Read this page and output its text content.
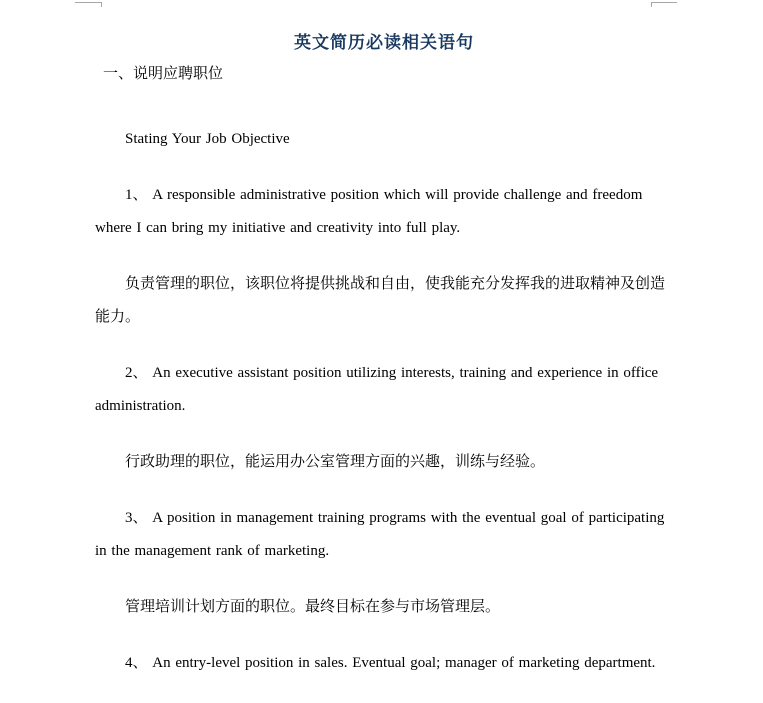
英文简历必读相关语句
一、说明应聘职位

Stating Your Job Objective

1、 A responsible administrative position which will provide challenge and freedom where I can bring my initiative and creativity into full play.

负责管理的职位，该职位将提供挑战和自由，使我能充分发挥我的进取精神及创造能力。

2、 An executive assistant position utilizing interests, training and experience in office administration.

行政助理的职位，能运用办公室管理方面的兴趣，训练与经验。

3、 A position in management training programs with the eventual goal of participating in the management rank of marketing.

管理培训计划方面的职位。最终目标在参与市场管理层。

4、 An entry-level position in sales. Eventual goal; manager of marketing department.
